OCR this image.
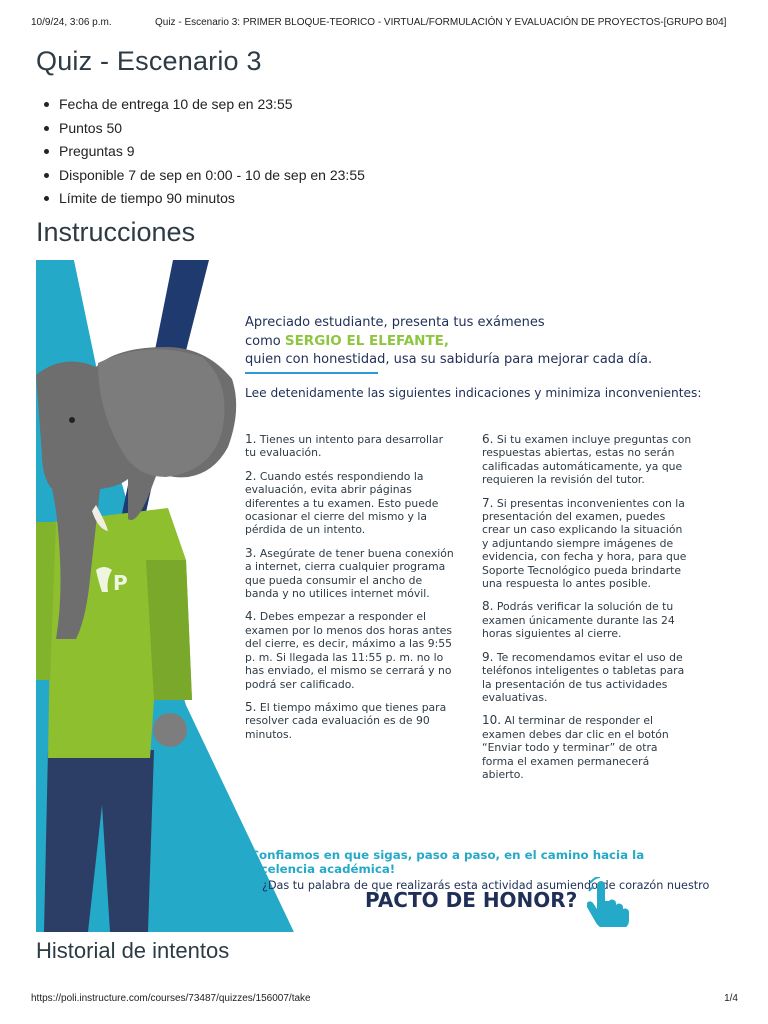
10/9/24, 3:06 p.m.	Quiz - Escenario 3: PRIMER BLOQUE-TEORICO - VIRTUAL/FORMULACIÓN Y EVALUACIÓN DE PROYECTOS-[GRUPO B04]
Quiz - Escenario 3
Fecha de entrega 10 de sep en 23:55
Puntos 50
Preguntas 9
Disponible 7 de sep en 0:00 - 10 de sep en 23:55
Límite de tiempo 90 minutos
Instrucciones
P
Apreciado estudiante, presenta tus exámenes
como SERGIO EL ELEFANTE,
quien con honestidad, usa su sabiduría para mejorar cada día.
Lee detenidamente las siguientes indicaciones y minimiza inconvenientes:

1. Tienes un intento para desarrollar tu evaluación.

2. Cuando estés respondiendo la evaluación, evita abrir páginas diferentes a tu examen. Esto puede ocasionar el cierre del mismo y la pérdida de un intento.

3. Asegúrate de tener buena conexión a internet, cierra cualquier programa que pueda consumir el ancho de banda y no utilices internet móvil.

4. Debes empezar a responder el examen por lo menos dos horas antes del cierre, es decir, máximo a las 9:55 p. m. Si llegada las 11:55 p. m. no lo has enviado, el mismo se cerrará y no podrá ser calificado.

5. El tiempo máximo que tienes para resolver cada evaluación es de 90 minutos.

6. Si tu examen incluye preguntas con respuestas abiertas, estas no serán calificadas automáticamente, ya que requieren la revisión del tutor.

7. Si presentas inconvenientes con la presentación del examen, puedes crear un caso explicando la situación y adjuntando siempre imágenes de evidencia, con fecha y hora, para que Soporte Tecnológico pueda brindarte una respuesta lo antes posible.

8. Podrás verificar la solución de tu examen únicamente durante las 24 horas siguientes al cierre.

9. Te recomendamos evitar el uso de teléfonos inteligentes o tabletas para la presentación de tus actividades evaluativas.

10. Al terminar de responder el examen debes dar clic en el botón “Enviar todo y terminar” de otra forma el examen permanecerá abierto.

¡Confiamos en que sigas, paso a paso, en el camino hacia la excelencia académica!
¿Das tu palabra de que realizarás esta actividad asumiendo de corazón nuestro
PACTO DE HONOR?
Historial de intentos
https://poli.instructure.com/courses/73487/quizzes/156007/take	1/4
